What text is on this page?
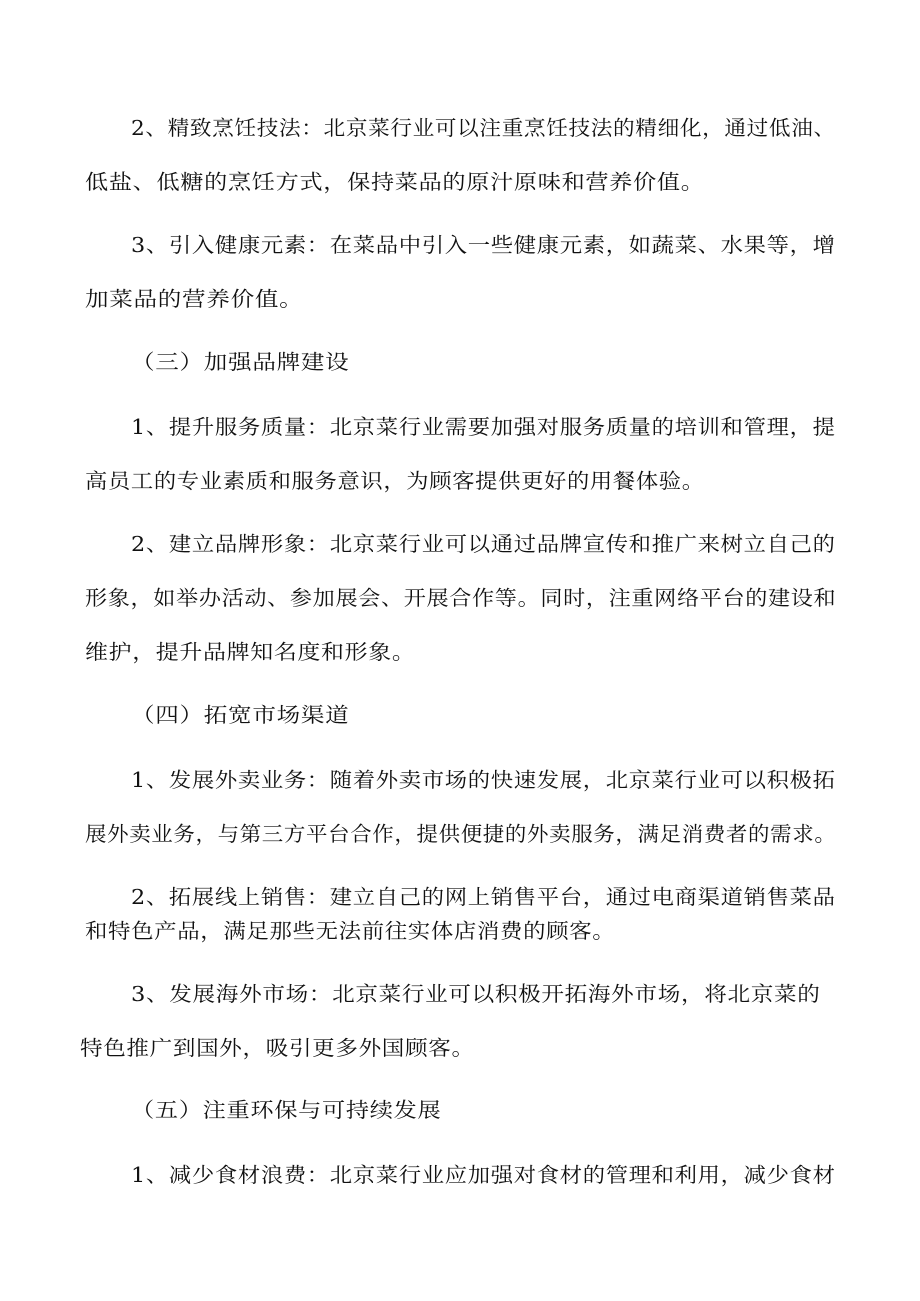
2、精致烹饪技法：北京菜行业可以注重烹饪技法的精细化，通过低油、
低盐、低糖的烹饪方式，保持菜品的原汁原味和营养价值。
3、引入健康元素：在菜品中引入一些健康元素，如蔬菜、水果等，增
加菜品的营养价值。
（三）加强品牌建设
1、提升服务质量：北京菜行业需要加强对服务质量的培训和管理，提
高员工的专业素质和服务意识，为顾客提供更好的用餐体验。
2、建立品牌形象：北京菜行业可以通过品牌宣传和推广来树立自己的
形象，如举办活动、参加展会、开展合作等。同时，注重网络平台的建设和
维护，提升品牌知名度和形象。
（四）拓宽市场渠道
1、发展外卖业务：随着外卖市场的快速发展，北京菜行业可以积极拓
展外卖业务，与第三方平台合作，提供便捷的外卖服务，满足消费者的需求。
2、拓展线上销售：建立自己的网上销售平台，通过电商渠道销售菜品
和特色产品，满足那些无法前往实体店消费的顾客。
3、发展海外市场：北京菜行业可以积极开拓海外市场，将北京菜的
特色推广到国外，吸引更多外国顾客。
（五）注重环保与可持续发展
1、减少食材浪费：北京菜行业应加强对食材的管理和利用，减少食材
